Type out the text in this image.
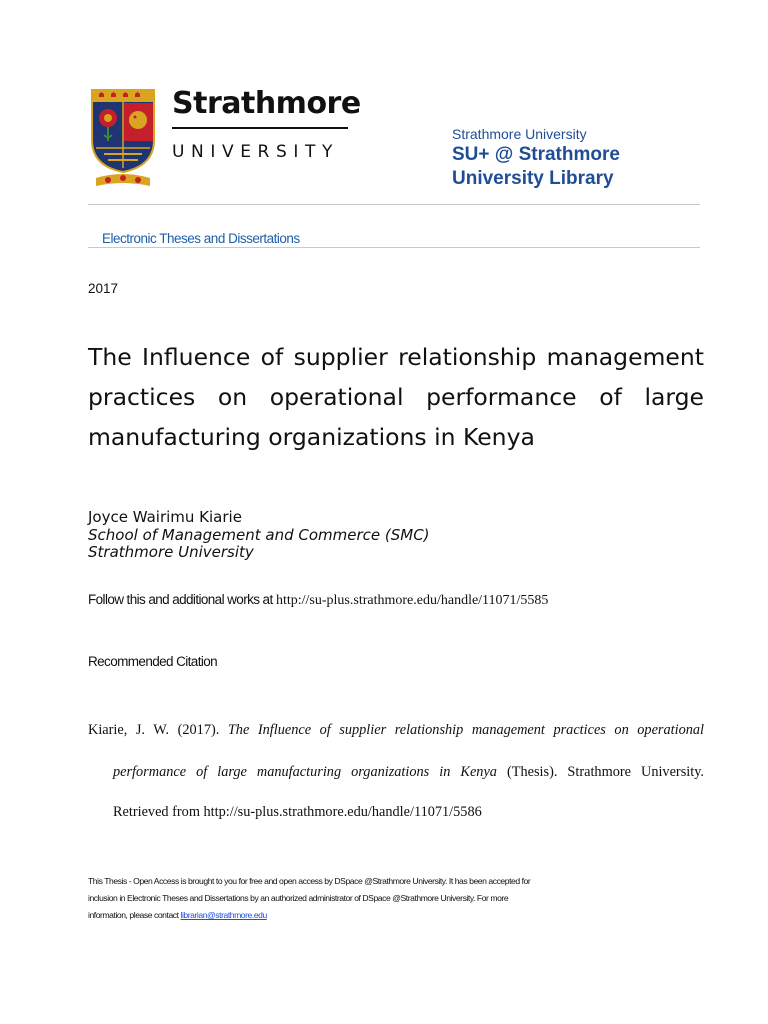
Strathmore
UNIVERSITY
Strathmore University
SU+ @ Strathmore
University Library
Electronic Theses and Dissertations
2017
The Influence of supplier relationship management practices on operational performance of large manufacturing organizations in Kenya
Joyce Wairimu Kiarie
School of Management and Commerce (SMC)
Strathmore University
Follow this and additional works at http://su-plus.strathmore.edu/handle/11071/5585
Recommended Citation
Kiarie, J. W. (2017). The Influence of supplier relationship management practices on operational
performance of large manufacturing organizations in Kenya (Thesis). Strathmore University.
Retrieved from http://su-plus.strathmore.edu/handle/11071/5586
This Thesis - Open Access is brought to you for free and open access by DSpace @Strathmore University. It has been accepted for
inclusion in Electronic Theses and Dissertations by an authorized administrator of DSpace @Strathmore University. For more
information, please contact librarian@strathmore.edu
